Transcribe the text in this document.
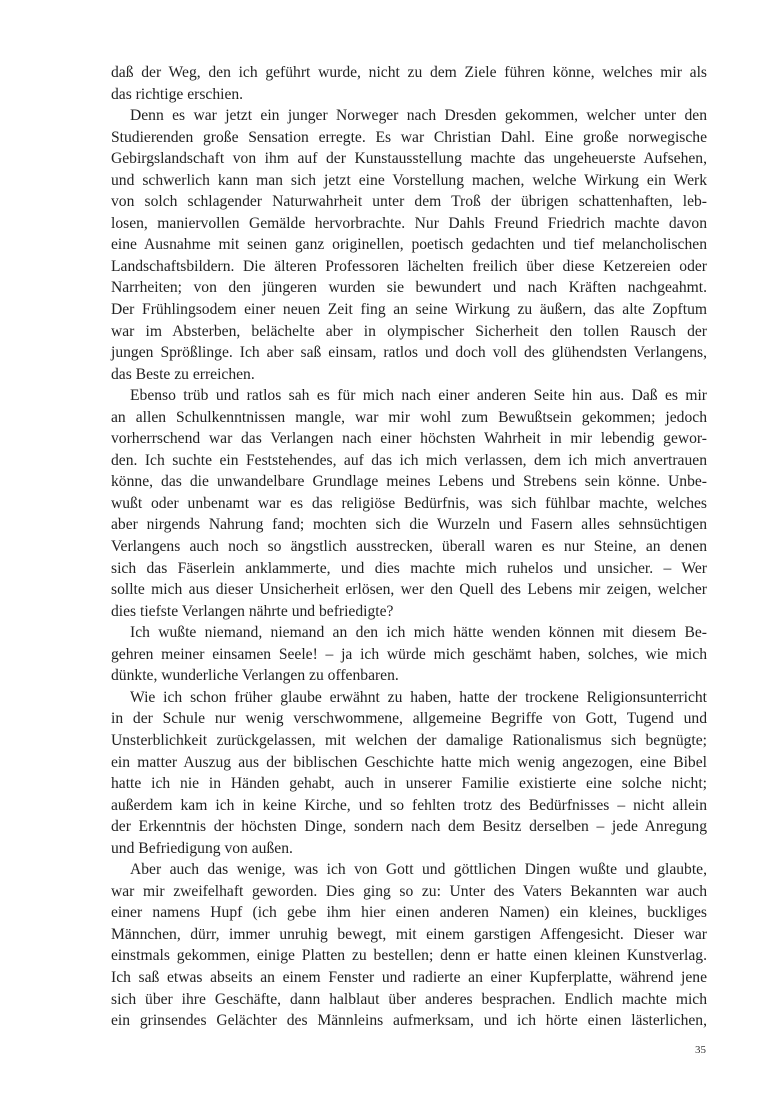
daß der Weg, den ich geführt wurde, nicht zu dem Ziele führen könne, welches mir als
das richtige erschien.
Denn es war jetzt ein junger Norweger nach Dresden gekommen, welcher unter den
Studierenden große Sensation erregte. Es war Christian Dahl. Eine große norwegische
Gebirgslandschaft von ihm auf der Kunstausstellung machte das ungeheuerste Aufsehen,
und schwerlich kann man sich jetzt eine Vorstellung machen, welche Wirkung ein Werk
von solch schlagender Naturwahrheit unter dem Troß der übrigen schattenhaften, leb-
losen, maniervollen Gemälde hervorbrachte. Nur Dahls Freund Friedrich machte davon
eine Ausnahme mit seinen ganz originellen, poetisch gedachten und tief melancholischen
Landschaftsbildern. Die älteren Professoren lächelten freilich über diese Ketzereien oder
Narrheiten; von den jüngeren wurden sie bewundert und nach Kräften nachgeahmt.
Der Frühlingsodem einer neuen Zeit fing an seine Wirkung zu äußern, das alte Zopftum
war im Absterben, belächelte aber in olympischer Sicherheit den tollen Rausch der
jungen Sprößlinge. Ich aber saß einsam, ratlos und doch voll des glühendsten Verlangens,
das Beste zu erreichen.
Ebenso trüb und ratlos sah es für mich nach einer anderen Seite hin aus. Daß es mir
an allen Schulkenntnissen mangle, war mir wohl zum Bewußtsein gekommen; jedoch
vorherrschend war das Verlangen nach einer höchsten Wahrheit in mir lebendig gewor-
den. Ich suchte ein Feststehendes, auf das ich mich verlassen, dem ich mich anvertrauen
könne, das die unwandelbare Grundlage meines Lebens und Strebens sein könne. Unbe-
wußt oder unbenamt war es das religiöse Bedürfnis, was sich fühlbar machte, welches
aber nirgends Nahrung fand; mochten sich die Wurzeln und Fasern alles sehnsüchtigen
Verlangens auch noch so ängstlich ausstrecken, überall waren es nur Steine, an denen
sich das Fäserlein anklammerte, und dies machte mich ruhelos und unsicher. – Wer
sollte mich aus dieser Unsicherheit erlösen, wer den Quell des Lebens mir zeigen, welcher
dies tiefste Verlangen nährte und befriedigte?
Ich wußte niemand, niemand an den ich mich hätte wenden können mit diesem Be-
gehren meiner einsamen Seele! – ja ich würde mich geschämt haben, solches, wie mich
dünkte, wunderliche Verlangen zu offenbaren.
Wie ich schon früher glaube erwähnt zu haben, hatte der trockene Religionsunterricht
in der Schule nur wenig verschwommene, allgemeine Begriffe von Gott, Tugend und
Unsterblichkeit zurückgelassen, mit welchen der damalige Rationalismus sich begnügte;
ein matter Auszug aus der biblischen Geschichte hatte mich wenig angezogen, eine Bibel
hatte ich nie in Händen gehabt, auch in unserer Familie existierte eine solche nicht;
außerdem kam ich in keine Kirche, und so fehlten trotz des Bedürfnisses – nicht allein
der Erkenntnis der höchsten Dinge, sondern nach dem Besitz derselben – jede Anregung
und Befriedigung von außen.
Aber auch das wenige, was ich von Gott und göttlichen Dingen wußte und glaubte,
war mir zweifelhaft geworden. Dies ging so zu: Unter des Vaters Bekannten war auch
einer namens Hupf (ich gebe ihm hier einen anderen Namen) ein kleines, buckliges
Männchen, dürr, immer unruhig bewegt, mit einem garstigen Affengesicht. Dieser war
einstmals gekommen, einige Platten zu bestellen; denn er hatte einen kleinen Kunstverlag.
Ich saß etwas abseits an einem Fenster und radierte an einer Kupferplatte, während jene
sich über ihre Geschäfte, dann halblaut über anderes besprachen. Endlich machte mich
ein grinsendes Gelächter des Männleins aufmerksam, und ich hörte einen lästerlichen,
35
